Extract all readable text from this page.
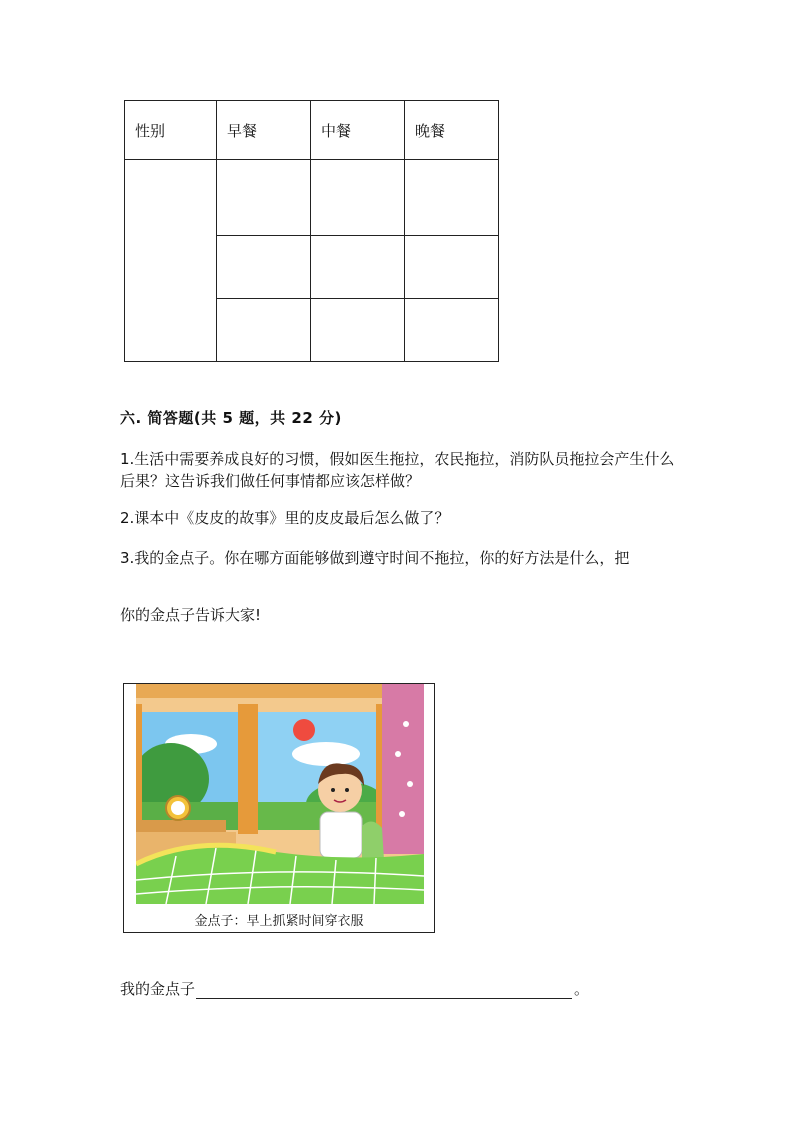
性别	早餐	中餐	晚餐

六. 简答题(共 5 题，共 22 分)
1.生活中需要养成良好的习惯，假如医生拖拉，农民拖拉，消防队员拖拉会产生什么后果？这告诉我们做任何事情都应该怎样做？
2.课本中《皮皮的故事》里的皮皮最后怎么做了？
3.我的金点子。你在哪方面能够做到遵守时间不拖拉，你的好方法是什么，把
你的金点子告诉大家!
金点子：早上抓紧时间穿衣服
我的金点子	。
